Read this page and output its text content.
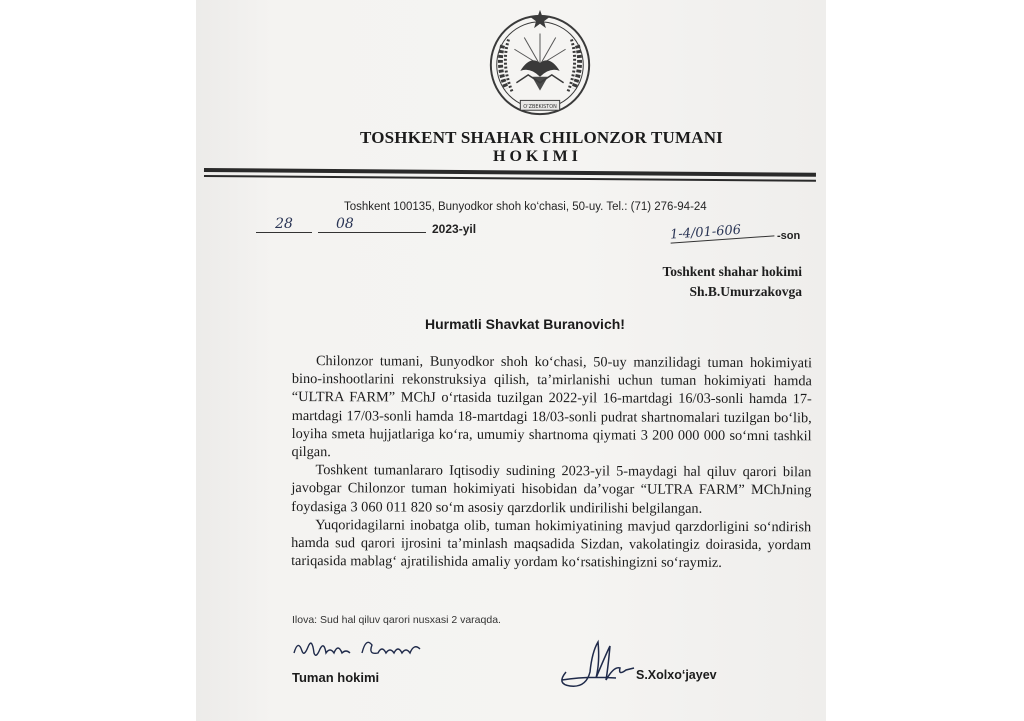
O‘ZBEKISTON
TOSHKENT SHAHAR CHILONZOR TUMANI
HOKIMI
Toshkent 100135, Bunyodkor shoh ko‘chasi, 50-uy. Tel.: (71) 276-94-24
28	08	2023-yil	1-4/01-606	-son
Toshkent shahar hokimi
Sh.B.Umurzakovga
Hurmatli Shavkat Buranovich!

Chilonzor tumani, Bunyodkor shoh ko‘chasi, 50-uy manzilidagi tuman hokimiyati bino-inshootlarini rekonstruksiya qilish, ta’mirlanishi uchun tuman hokimiyati hamda “ULTRA FARM” MChJ o‘rtasida tuzilgan 2022-yil 16-martdagi 16/03-sonli hamda 17-martdagi 17/03-sonli hamda 18-martdagi 18/03-sonli pudrat shartnomalari tuzilgan bo‘lib, loyiha smeta hujjatlariga ko‘ra, umumiy shartnoma qiymati 3 200 000 000 so‘mni tashkil qilgan.

Toshkent tumanlararo Iqtisodiy sudining 2023-yil 5-maydagi hal qiluv qarori bilan javobgar Chilonzor tuman hokimiyati hisobidan da’vogar “ULTRA FARM” MChJning foydasiga 3 060 011 820 so‘m asosiy qarzdorlik undirilishi belgilangan.

Yuqoridagilarni inobatga olib, tuman hokimiyatining mavjud qarzdorligini so‘ndirish hamda sud qarori ijrosini ta’minlash maqsadida Sizdan, vakolatingiz doirasida, yordam tariqasida mablag‘ ajratilishida amaliy yordam ko‘rsatishingizni so‘raymiz.

Ilova: Sud hal qiluv qarori nusxasi 2 varaqda.
Tuman hokimi	S.Xolxo‘jayev
